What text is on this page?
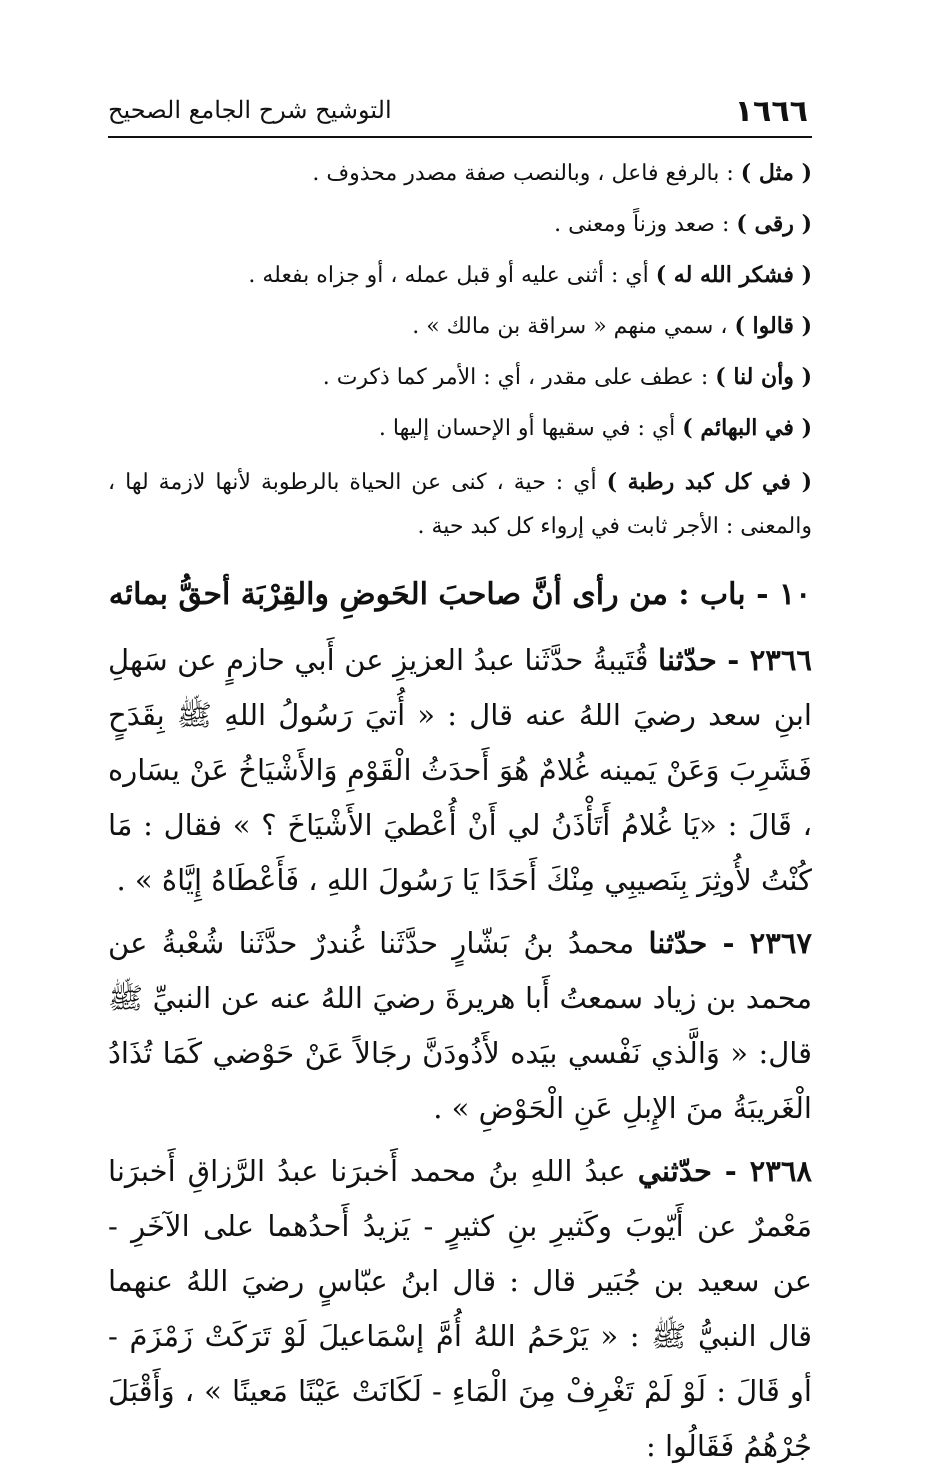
١٦٦٦
التوشيح شرح الجامع الصحيح

( مثل ) : بالرفع فاعل ، وبالنصب صفة مصدر محذوف .

( رقى ) : صعد وزناً ومعنى .

( فشكر الله له ) أي : أثنى عليه أو قبل عمله ، أو جزاه بفعله .

( قالوا ) ، سمي منهم « سراقة بن مالك » .

( وأن لنا ) : عطف على مقدر ، أي : الأمر كما ذكرت .

( في البهائم ) أي : في سقيها أو الإحسان إليها .

( في كل كبد رطبة ) أي : حية ، كنى عن الحياة بالرطوبة لأنها لازمة لها ، والمعنى : الأجر ثابت في إرواء كل كبد حية .

١٠ - باب : من رأى أنَّ صاحبَ الحَوضِ والقِرْبَة أحقُّ بمائه

٢٣٦٦ - حدّثنا قُتَيبةُ حدَّثَنا عبدُ العزيزِ عن أَبي حازمٍ عن سَهلِ ابنِ سعد رضيَ اللهُ عنه قال : « أُتيَ رَسُولُ اللهِ ﷺ بِقَدَحٍ فَشَرِبَ وَعَنْ يَمينه غُلامٌ هُوَ أَحدَثُ الْقَوْمِ وَالأَشْيَاخُ عَنْ يسَاره ، قَالَ : «يَا غُلامُ أَتَأْذَنُ لي أَنْ أُعْطيَ الأَشْيَاخَ ؟ » فقال : مَا كُنْتُ لأُوثِرَ بِنَصيبِي مِنْكَ أَحَدًا يَا رَسُولَ اللهِ ، فَأَعْطَاهُ إِيَّاهُ » .

٢٣٦٧ - حدّثنا محمدُ بنُ بَشّارٍ حدَّثَنا غُندرٌ حدَّثَنا شُعْبةُ عن محمد بن زياد سمعتُ أَبا هريرةَ رضيَ اللهُ عنه عن النبيِّ ﷺ قال: « وَالَّذي نَفْسي بيَده لأَذُودَنَّ رجَالاً عَنْ حَوْضي كَمَا تُذَادُ الْغَريبَةُ منَ الإِبلِ عَنِ الْحَوْضِ » .

٢٣٦٨ - حدّثني عبدُ اللهِ بنُ محمد أَخبرَنا عبدُ الرَّزاقِ أَخبرَنا مَعْمرٌ عن أَيّوبَ وكَثيرِ بنِ كثيرٍ - يَزيدُ أَحدُهما على الآخَرِ - عن سعيد بن جُبَير قال : قال ابنُ عبّاسٍ رضيَ اللهُ عنهما قال النبيُّ ﷺ : « يَرْحَمُ اللهُ أُمَّ إسْمَاعيلَ لَوْ تَرَكَتْ زَمْزَمَ - أو قَالَ : لَوْ لَمْ تَغْرِفْ مِنَ الْمَاءِ - لَكَانَتْ عَيْنًا مَعينًا » ، وَأَقْبَلَ جُرْهُمُ فَقَالُوا :
